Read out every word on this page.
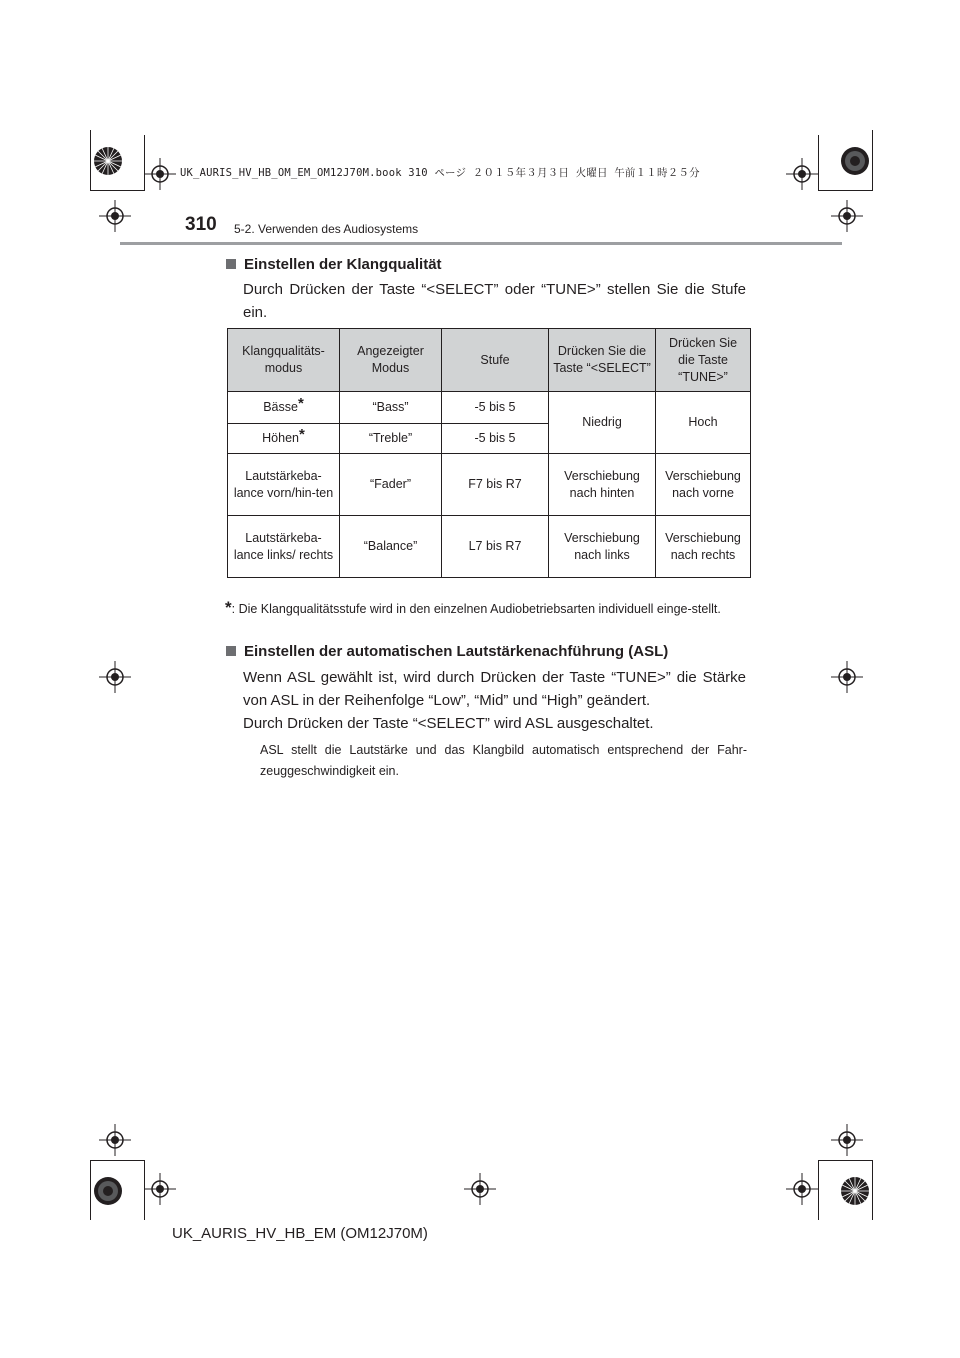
UK_AURIS_HV_HB_OM_EM_OM12J70M.book 310 ページ ２０１５年３月３日 火曜日 午前１１時２５分
310 5-2. Verwenden des Audiosystems
Einstellen der Klangqualität
Durch Drücken der Taste “<SELECT” oder “TUNE>” stellen Sie die Stufe ein.
Klangqualitäts-modus	Angezeigter Modus	Stufe	Drücken Sie die Taste “<SELECT”	Drücken Sie die Taste “TUNE>”
Bässe*	“Bass”	-5 bis 5	Niedrig	Hoch
Höhen*	“Treble”	-5 bis 5		
Lautstärkeba-lance vorn/hin-ten	“Fader”	F7 bis R7	Verschiebung nach hinten	Verschiebung nach vorne
Lautstärkeba-lance links/ rechts	“Balance”	L7 bis R7	Verschiebung nach links	Verschiebung nach rechts
*: Die Klangqualitätsstufe wird in den einzelnen Audiobetriebsarten individuell einge-stellt.
Einstellen der automatischen Lautstärkenachführung (ASL)
Wenn ASL gewählt ist, wird durch Drücken der Taste “TUNE>” die Stärke von ASL in der Reihenfolge “Low”, “Mid” und “High” geändert.
Durch Drücken der Taste “<SELECT” wird ASL ausgeschaltet.
ASL stellt die Lautstärke und das Klangbild automatisch entsprechend der Fahr-zeuggeschwindigkeit ein.
UK_AURIS_HV_HB_EM (OM12J70M)
